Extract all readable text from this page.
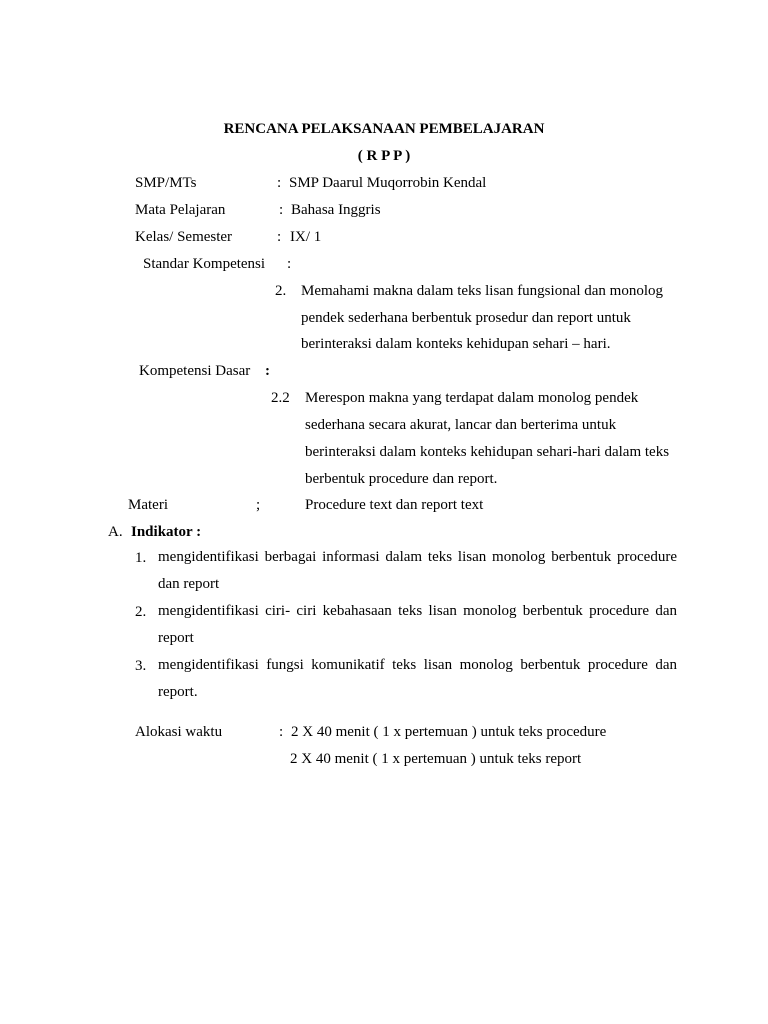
RENCANA PELAKSANAAN PEMBELAJARAN
( R P P )
SMP/MTs	: SMP Daarul Muqorrobin Kendal
Mata Pelajaran	: Bahasa Inggris
Kelas/ Semester	: IX/ 1
Standar Kompetensi :
2. Memahami makna dalam teks lisan fungsional dan monolog
pendek sederhana berbentuk prosedur dan report untuk
berinteraksi dalam konteks kehidupan sehari – hari.
Kompetensi Dasar :
2.2 Merespon makna yang terdapat dalam monolog pendek
sederhana secara akurat, lancar dan berterima untuk
berinteraksi dalam konteks kehidupan sehari-hari dalam teks
berbentuk procedure dan report.
Materi	;	Procedure text dan report text
A. Indikator :
1. mengidentifikasi berbagai informasi dalam teks lisan monolog berbentuk procedure dan report
2. mengidentifikasi ciri- ciri kebahasaan teks lisan monolog berbentuk procedure dan report
3. mengidentifikasi fungsi komunikatif teks lisan monolog berbentuk procedure dan report.
Alokasi waktu	: 2 X 40 menit ( 1 x pertemuan ) untuk teks procedure
2 X 40 menit ( 1 x pertemuan ) untuk teks report
